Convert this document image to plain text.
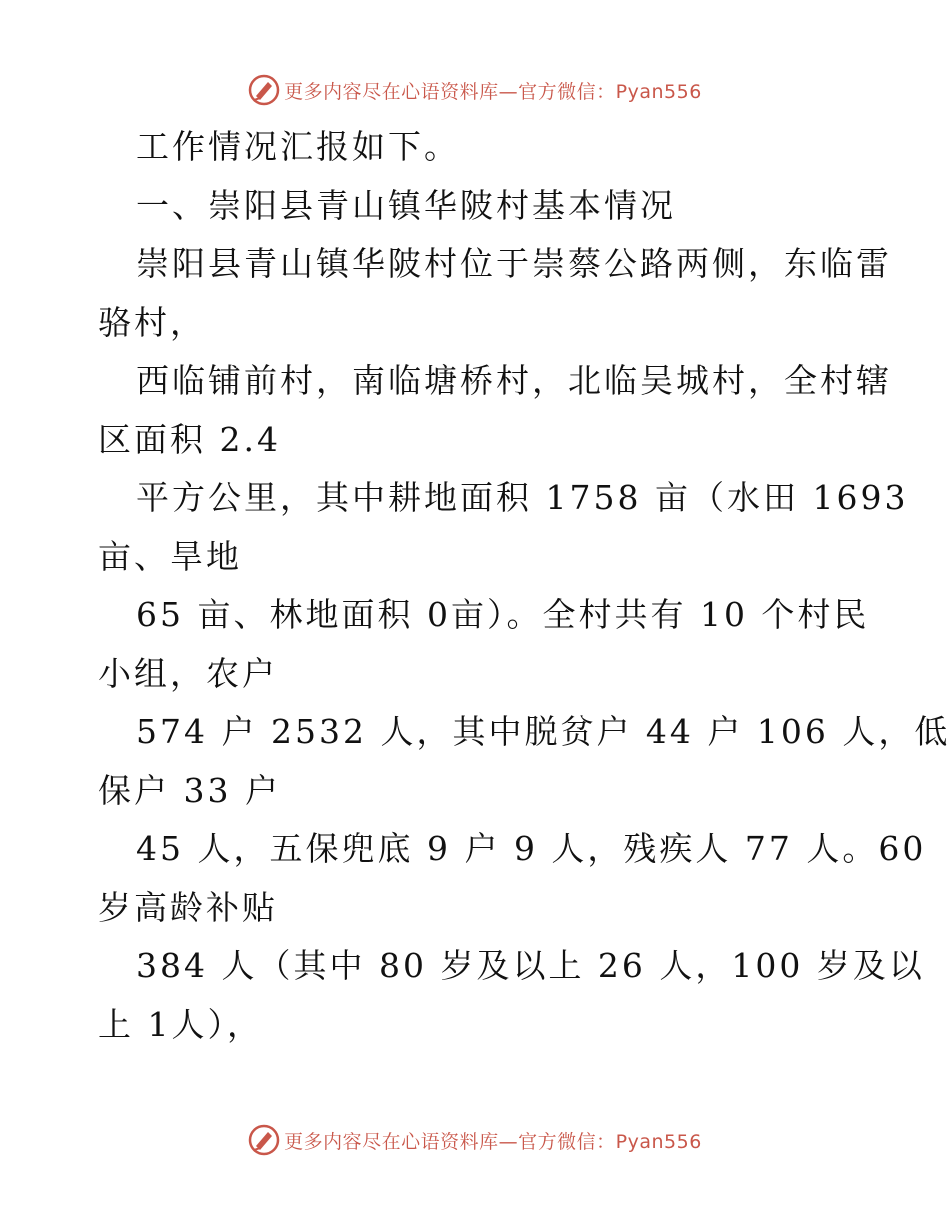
更多内容尽在心语资料库—官方微信：Pyan556
工作情况汇报如下。
一、崇阳县青山镇华陂村基本情况
崇阳县青山镇华陂村位于崇蔡公路两侧，东临雷
骆村，
西临铺前村，南临塘桥村，北临吴城村，全村辖
区面积 2.4
平方公里，其中耕地面积 1758 亩（水田 1693
亩、旱地
65 亩、林地面积 0亩）。全村共有 10 个村民
小组，农户
574 户 2532 人，其中脱贫户 44 户 106 人，低
保户 33 户
45 人，五保兜底 9 户 9 人，残疾人 77 人。60
岁高龄补贴
384 人（其中 80 岁及以上 26 人，100 岁及以
上 1人），
更多内容尽在心语资料库—官方微信：Pyan556
